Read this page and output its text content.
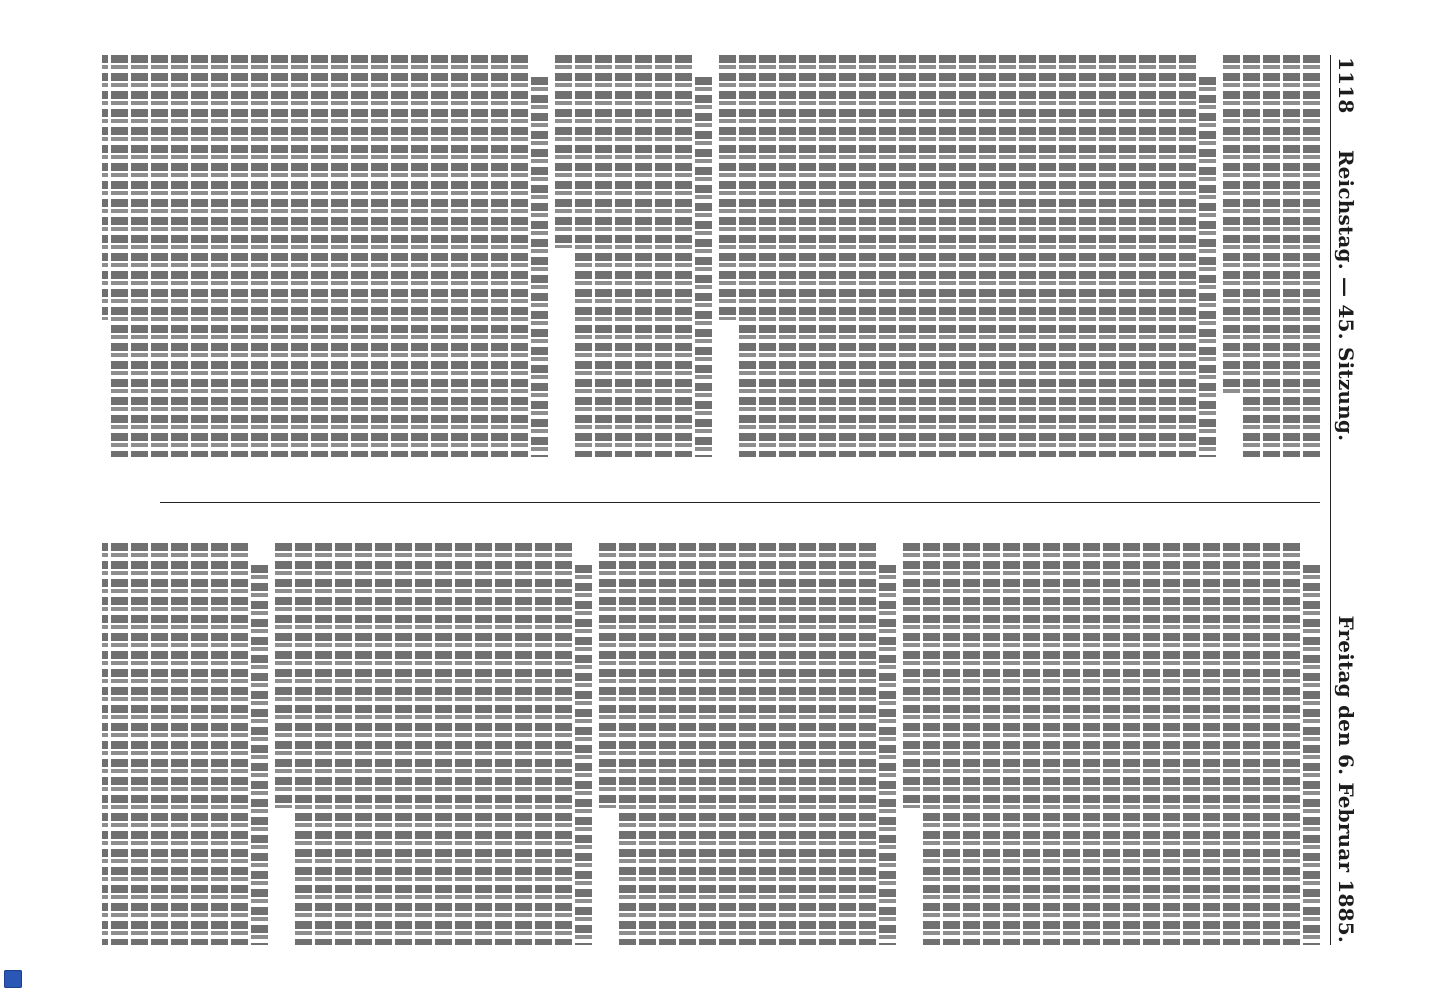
1118  Reichstag. — 45. Sitzung.
Freitag den 6. Februar 1885.
